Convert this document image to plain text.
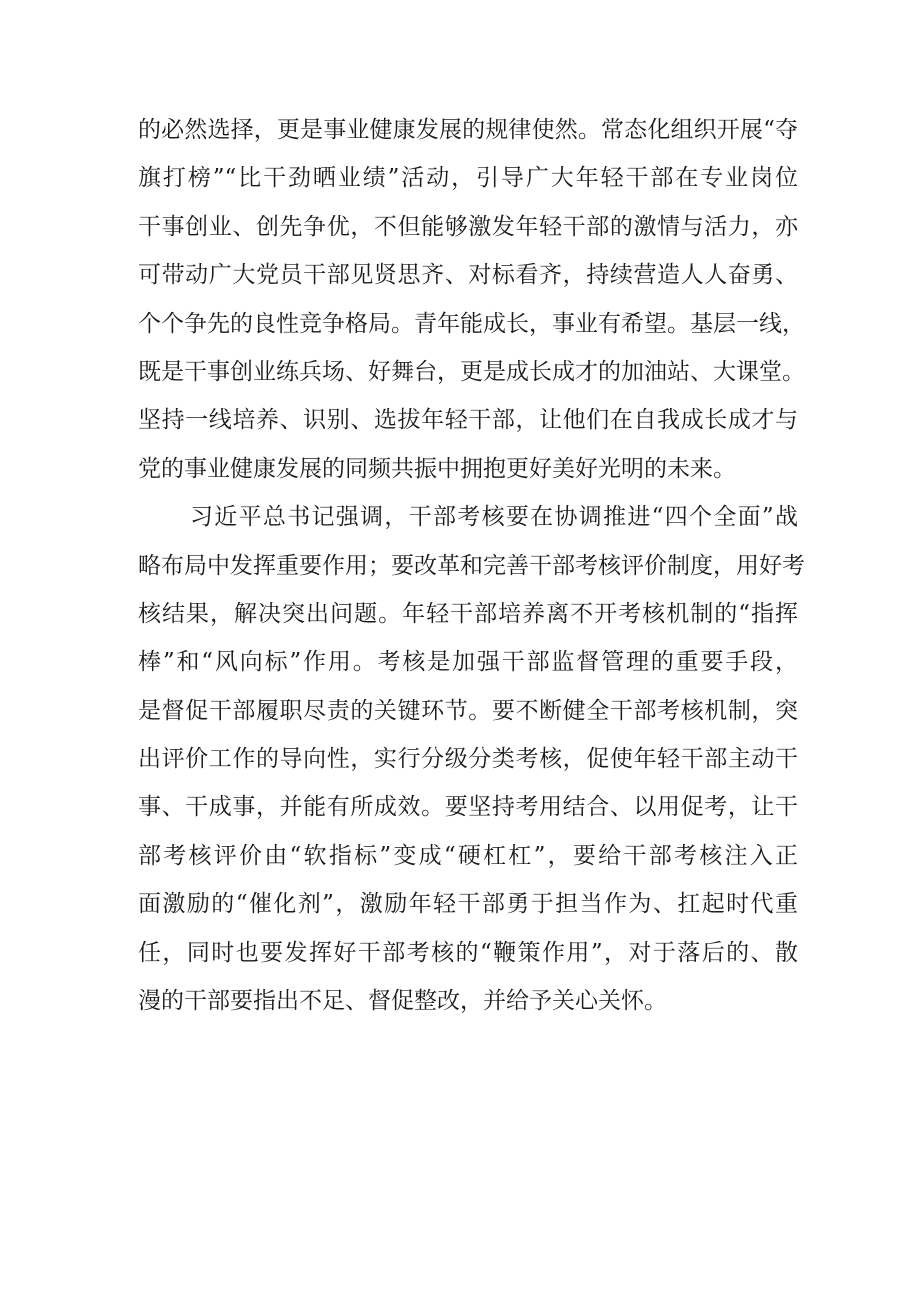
的必然选择，更是事业健康发展的规律使然。常态化组织开展“夺
旗打榜”“比干劲晒业绩”活动，引导广大年轻干部在专业岗位
干事创业、创先争优，不但能够激发年轻干部的激情与活力，亦
可带动广大党员干部见贤思齐、对标看齐，持续营造人人奋勇、
个个争先的良性竞争格局。青年能成长，事业有希望。基层一线，
既是干事创业练兵场、好舞台，更是成长成才的加油站、大课堂。
坚持一线培养、识别、选拔年轻干部，让他们在自我成长成才与
党的事业健康发展的同频共振中拥抱更好美好光明的未来。
习近平总书记强调，干部考核要在协调推进“四个全面”战
略布局中发挥重要作用；要改革和完善干部考核评价制度，用好考
核结果，解决突出问题。年轻干部培养离不开考核机制的“指挥
棒”和“风向标”作用。考核是加强干部监督管理的重要手段，
是督促干部履职尽责的关键环节。要不断健全干部考核机制，突
出评价工作的导向性，实行分级分类考核，促使年轻干部主动干
事、干成事，并能有所成效。要坚持考用结合、以用促考，让干
部考核评价由“软指标”变成“硬杠杠”，要给干部考核注入正
面激励的“催化剂”，激励年轻干部勇于担当作为、扛起时代重
任，同时也要发挥好干部考核的“鞭策作用”，对于落后的、散
漫的干部要指出不足、督促整改，并给予关心关怀。
